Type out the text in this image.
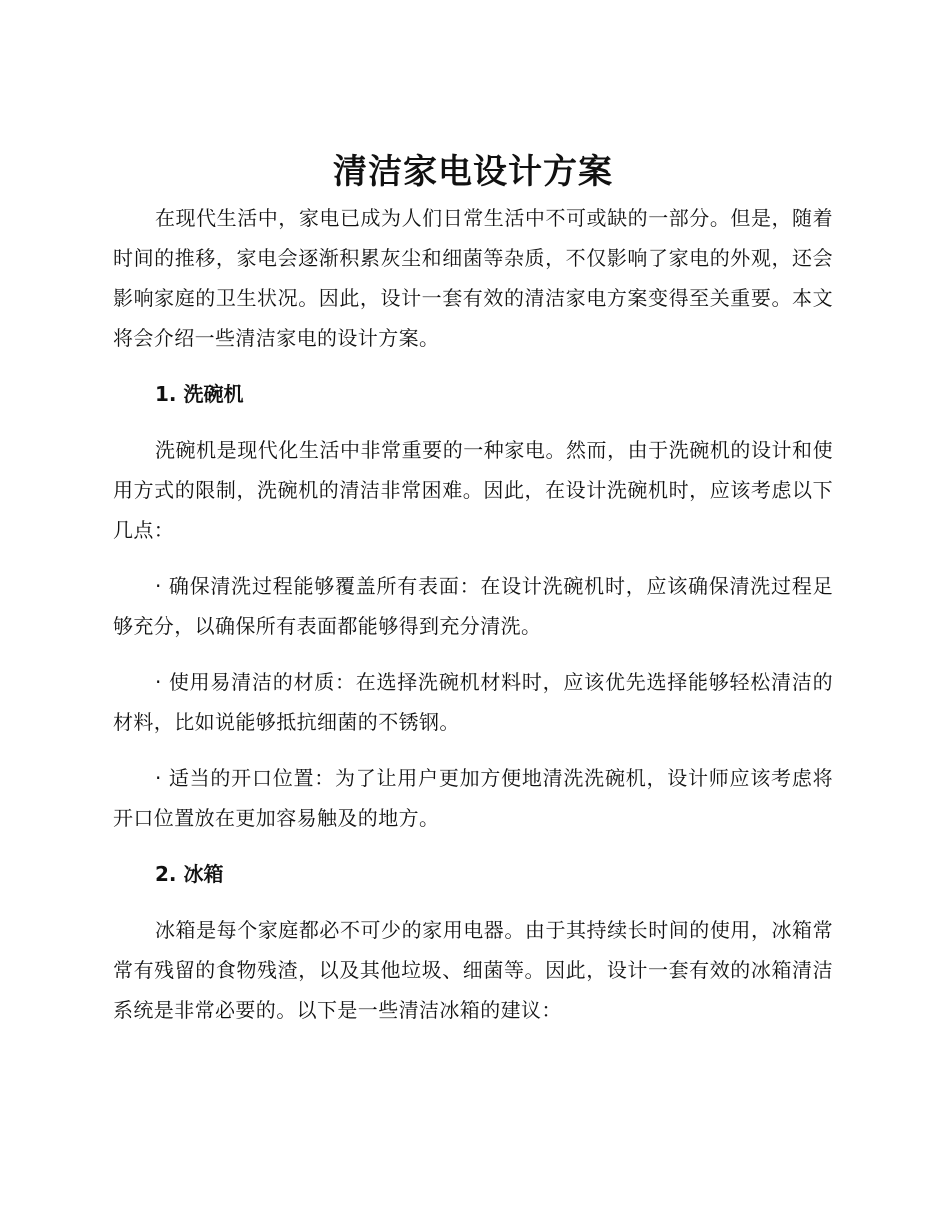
清洁家电设计方案

在现代生活中，家电已成为人们日常生活中不可或缺的一部分。但是，随着时间的推移，家电会逐渐积累灰尘和细菌等杂质，不仅影响了家电的外观，还会影响家庭的卫生状况。因此，设计一套有效的清洁家电方案变得至关重要。本文将会介绍一些清洁家电的设计方案。

1. 洗碗机

洗碗机是现代化生活中非常重要的一种家电。然而，由于洗碗机的设计和使用方式的限制，洗碗机的清洁非常困难。因此，在设计洗碗机时，应该考虑以下几点：

· 确保清洗过程能够覆盖所有表面：在设计洗碗机时，应该确保清洗过程足够充分，以确保所有表面都能够得到充分清洗。

· 使用易清洁的材质：在选择洗碗机材料时，应该优先选择能够轻松清洁的材料，比如说能够抵抗细菌的不锈钢。

· 适当的开口位置：为了让用户更加方便地清洗洗碗机，设计师应该考虑将开口位置放在更加容易触及的地方。

2. 冰箱

冰箱是每个家庭都必不可少的家用电器。由于其持续长时间的使用，冰箱常常有残留的食物残渣，以及其他垃圾、细菌等。因此，设计一套有效的冰箱清洁系统是非常必要的。以下是一些清洁冰箱的建议：
